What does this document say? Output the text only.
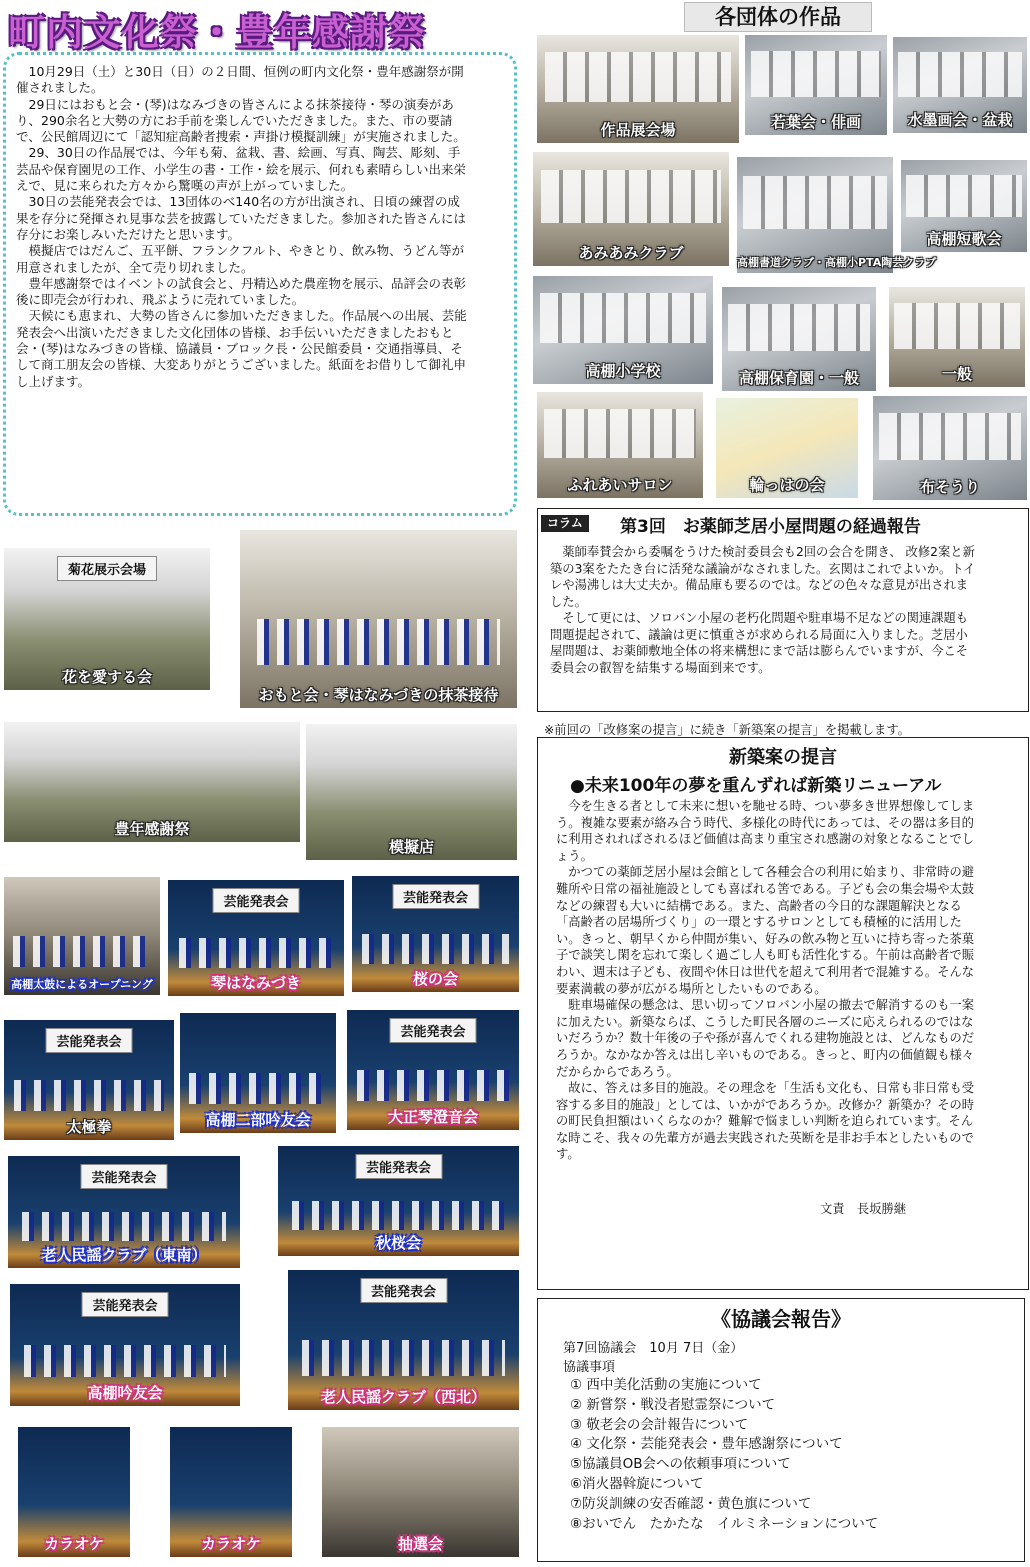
町内文化祭・豊年感謝祭

10月29日（土）と30日（日）の２日間、恒例の町内文化祭・豊年感謝祭が開催されました。

29日にはおもと会・(琴)はなみづきの皆さんによる抹茶接待・琴の演奏があり、290余名と大勢の方にお手前を楽しんでいただきました。また、市の要請で、公民館周辺にて「認知症高齢者捜索・声掛け模擬訓練」が実施されました。

29、30日の作品展では、今年も菊、盆栽、書、絵画、写真、陶芸、彫刻、手芸品や保育園児の工作、小学生の書・工作・絵を展示、何れも素晴らしい出来栄えで、見に来られた方々から驚嘆の声が上がっていました。

30日の芸能発表会では、13団体のべ140名の方が出演され、日頃の練習の成果を存分に発揮され見事な芸を披露していただきました。参加された皆さんには存分にお楽しみいただけたと思います。

模擬店ではだんご、五平餅、フランクフルト、やきとり、飲み物、うどん等が用意されましたが、全て売り切れました。

豊年感謝祭ではイベントの試食会と、丹精込めた農産物を展示、品評会の表彰後に即売会が行われ、飛ぶように売れていました。

天候にも恵まれ、大勢の皆さんに参加いただきました。作品展への出展、芸能発表会へ出演いただきました文化団体の皆様、お手伝いいただきましたおもと会・(琴)はなみづきの皆様、協議員・ブロック長・公民館委員・交通指導員、そして商工朋友会の皆様、大変ありがとうございました。紙面をお借りして御礼申し上げます。

各団体の作品
作品展会場	若葉会・俳画	水墨画会・盆栽
あみあみクラブ
高棚書道クラブ・高棚小PTA陶芸クラブ
高棚短歌会
高棚小学校	高棚保育園・一般	一般
ふれあいサロン	輪っはの会	布そうり
菊花展示会場
花を愛する会
おもと会・琴はなみづきの抹茶接待
豊年感謝祭
模擬店
高棚太鼓によるオープニング
芸能発表会
琴はなみづき
芸能発表会
桜の会
芸能発表会
太極拳	高棚二部吟友会
芸能発表会
大正琴澄音会
芸能発表会
老人民謡クラブ（東南）
芸能発表会
秋桜会
芸能発表会
高棚吟友会
芸能発表会
老人民謡クラブ（西北）
カラオケ	カラオケ	抽選会
コラム	第3回　お薬師芝居小屋問題の経過報告

薬師奉賛会から委嘱をうけた検討委員会も2回の会合を開き、 改修2案と新築の3案をたたき台に活発な議論がなされました。玄関はこれでよいか。トイレや湯沸しは大丈夫か。備品庫も要るのでは。などの色々な意見が出されました。

そして更には、ソロバン小屋の老朽化問題や駐車場不足などの関連課題も問題提起されて、議論は更に慎重さが求められる局面に入りました。芝居小屋問題は、お薬師敷地全体の将来構想にまで話は膨らんでいますが、今こそ委員会の叡智を結集する場面到来です。

※前回の「改修案の提言」に続き「新築案の提言」を掲載します。
新築案の提言
●未来100年の夢を重んずれば新築リニューアル

今を生きる者として未来に想いを馳せる時、つい夢多き世界想像してしまう。複雑な要素が絡み合う時代、多様化の時代にあっては、その器は多目的に利用されればされるほど価値は高まり重宝され感謝の対象となることでしょう。

かつての薬師芝居小屋は会館として各種会合の利用に始まり、非常時の避難所や日常の福祉施設としても喜ばれる筈である。子ども会の集会場や太鼓などの練習も大いに結構である。また、高齢者の今日的な課題解決となる「高齢者の居場所づくり」の一環とするサロンとしても積極的に活用したい。きっと、朝早くから仲間が集い、好みの飲み物と互いに持ち寄った茶菓子で談笑し閑を忘れて楽しく過ごし人も町も活性化する。午前は高齢者で賑わい、週末は子ども、夜間や休日は世代を超えて利用者で混雑する。そんな要素満載の夢が広がる場所としたいものである。

駐車場確保の懸念は、思い切ってソロバン小屋の撤去で解消するのも一案に加えたい。新築ならば、こうした町民各層のニーズに応えられるのではないだろうか？数十年後の子や孫が喜んでくれる建物施設とは、どんなものだろうか。なかなか答えは出し辛いものである。きっと、町内の価値観も様々だからからであろう。

故に、答えは多目的施設。その理念を「生活も文化も、日常も非日常も受容する多目的施設」としては、いかがであろうか。改修か？新築か？その時の町民負担額はいくらなのか？難解で悩ましい判断を迫られています。そんな時こそ、我々の先輩方が過去実践された英断を是非お手本としたいものです。

文責　長坂勝継
《協議会報告》
第7回協議会　10月 7日（金）
協議事項
① 西中美化活動の実施について
② 新嘗祭・戦没者慰霊祭について
③ 敬老会の会計報告について
④ 文化祭・芸能発表会・豊年感謝祭について
⑤協議員OB会への依頼事項について
⑥消火器斡旋について
⑦防災訓練の安否確認・黄色旗について
⑧おいでん　たかたな　イルミネーションについて
